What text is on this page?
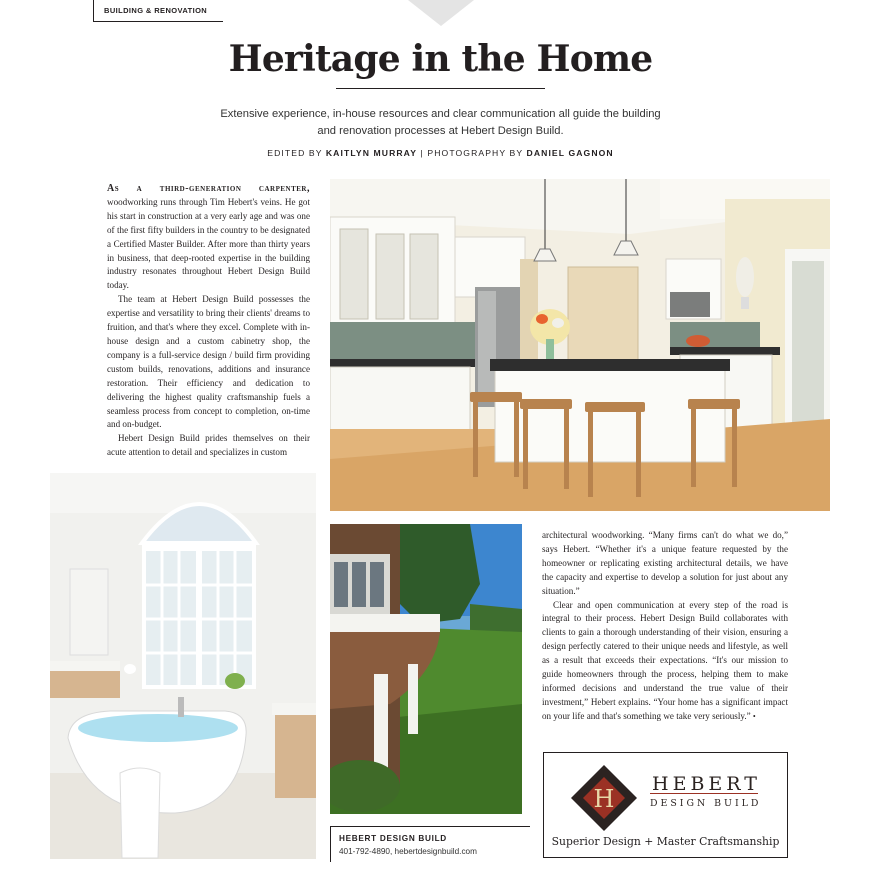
BUILDING & RENOVATION
Heritage in the Home

Extensive experience, in-house resources and clear communication all guide the building and renovation processes at Hebert Design Build.

EDITED BY KAITLYN MURRAY | PHOTOGRAPHY BY DANIEL GAGNON

As a third-generation carpenter, woodworking runs through Tim Hebert's veins. He got his start in construction at a very early age and was one of the first fifty builders in the country to be designated a Certified Master Builder. After more than thirty years in business, that deep-rooted expertise in the building industry resonates throughout Hebert Design Build today.

The team at Hebert Design Build possesses the expertise and versatility to bring their clients' dreams to fruition, and that's where they excel. Complete with in-house design and a custom cabinetry shop, the company is a full-service design / build firm providing custom builds, renovations, additions and insurance restoration. Their efficiency and dedication to delivering the highest quality craftsmanship fuels a seamless process from concept to completion, on-time and on-budget.

Hebert Design Build prides themselves on their acute attention to detail and specializes in custom

architectural woodworking. “Many firms can't do what we do,” says Hebert. “Whether it's a unique feature requested by the homeowner or replicating existing architectural details, we have the capacity and expertise to develop a solution for just about any situation.”

Clear and open communication at every step of the road is integral to their process. Hebert Design Build collaborates with clients to gain a thorough understanding of their vision, ensuring a design perfectly catered to their unique needs and lifestyle, as well as a result that exceeds their expectations. “It's our mission to guide homeowners through the process, helping them to make informed decisions and understand the true value of their investment,” Hebert explains. “Your home has a significant impact on your life and that's something we take very seriously.” •

HEBERT DESIGN BUILD
401-792-4890, hebertdesignbuild.com
H
HEBERT
DESIGN BUILD
Superior Design + Master Craftsmanship
